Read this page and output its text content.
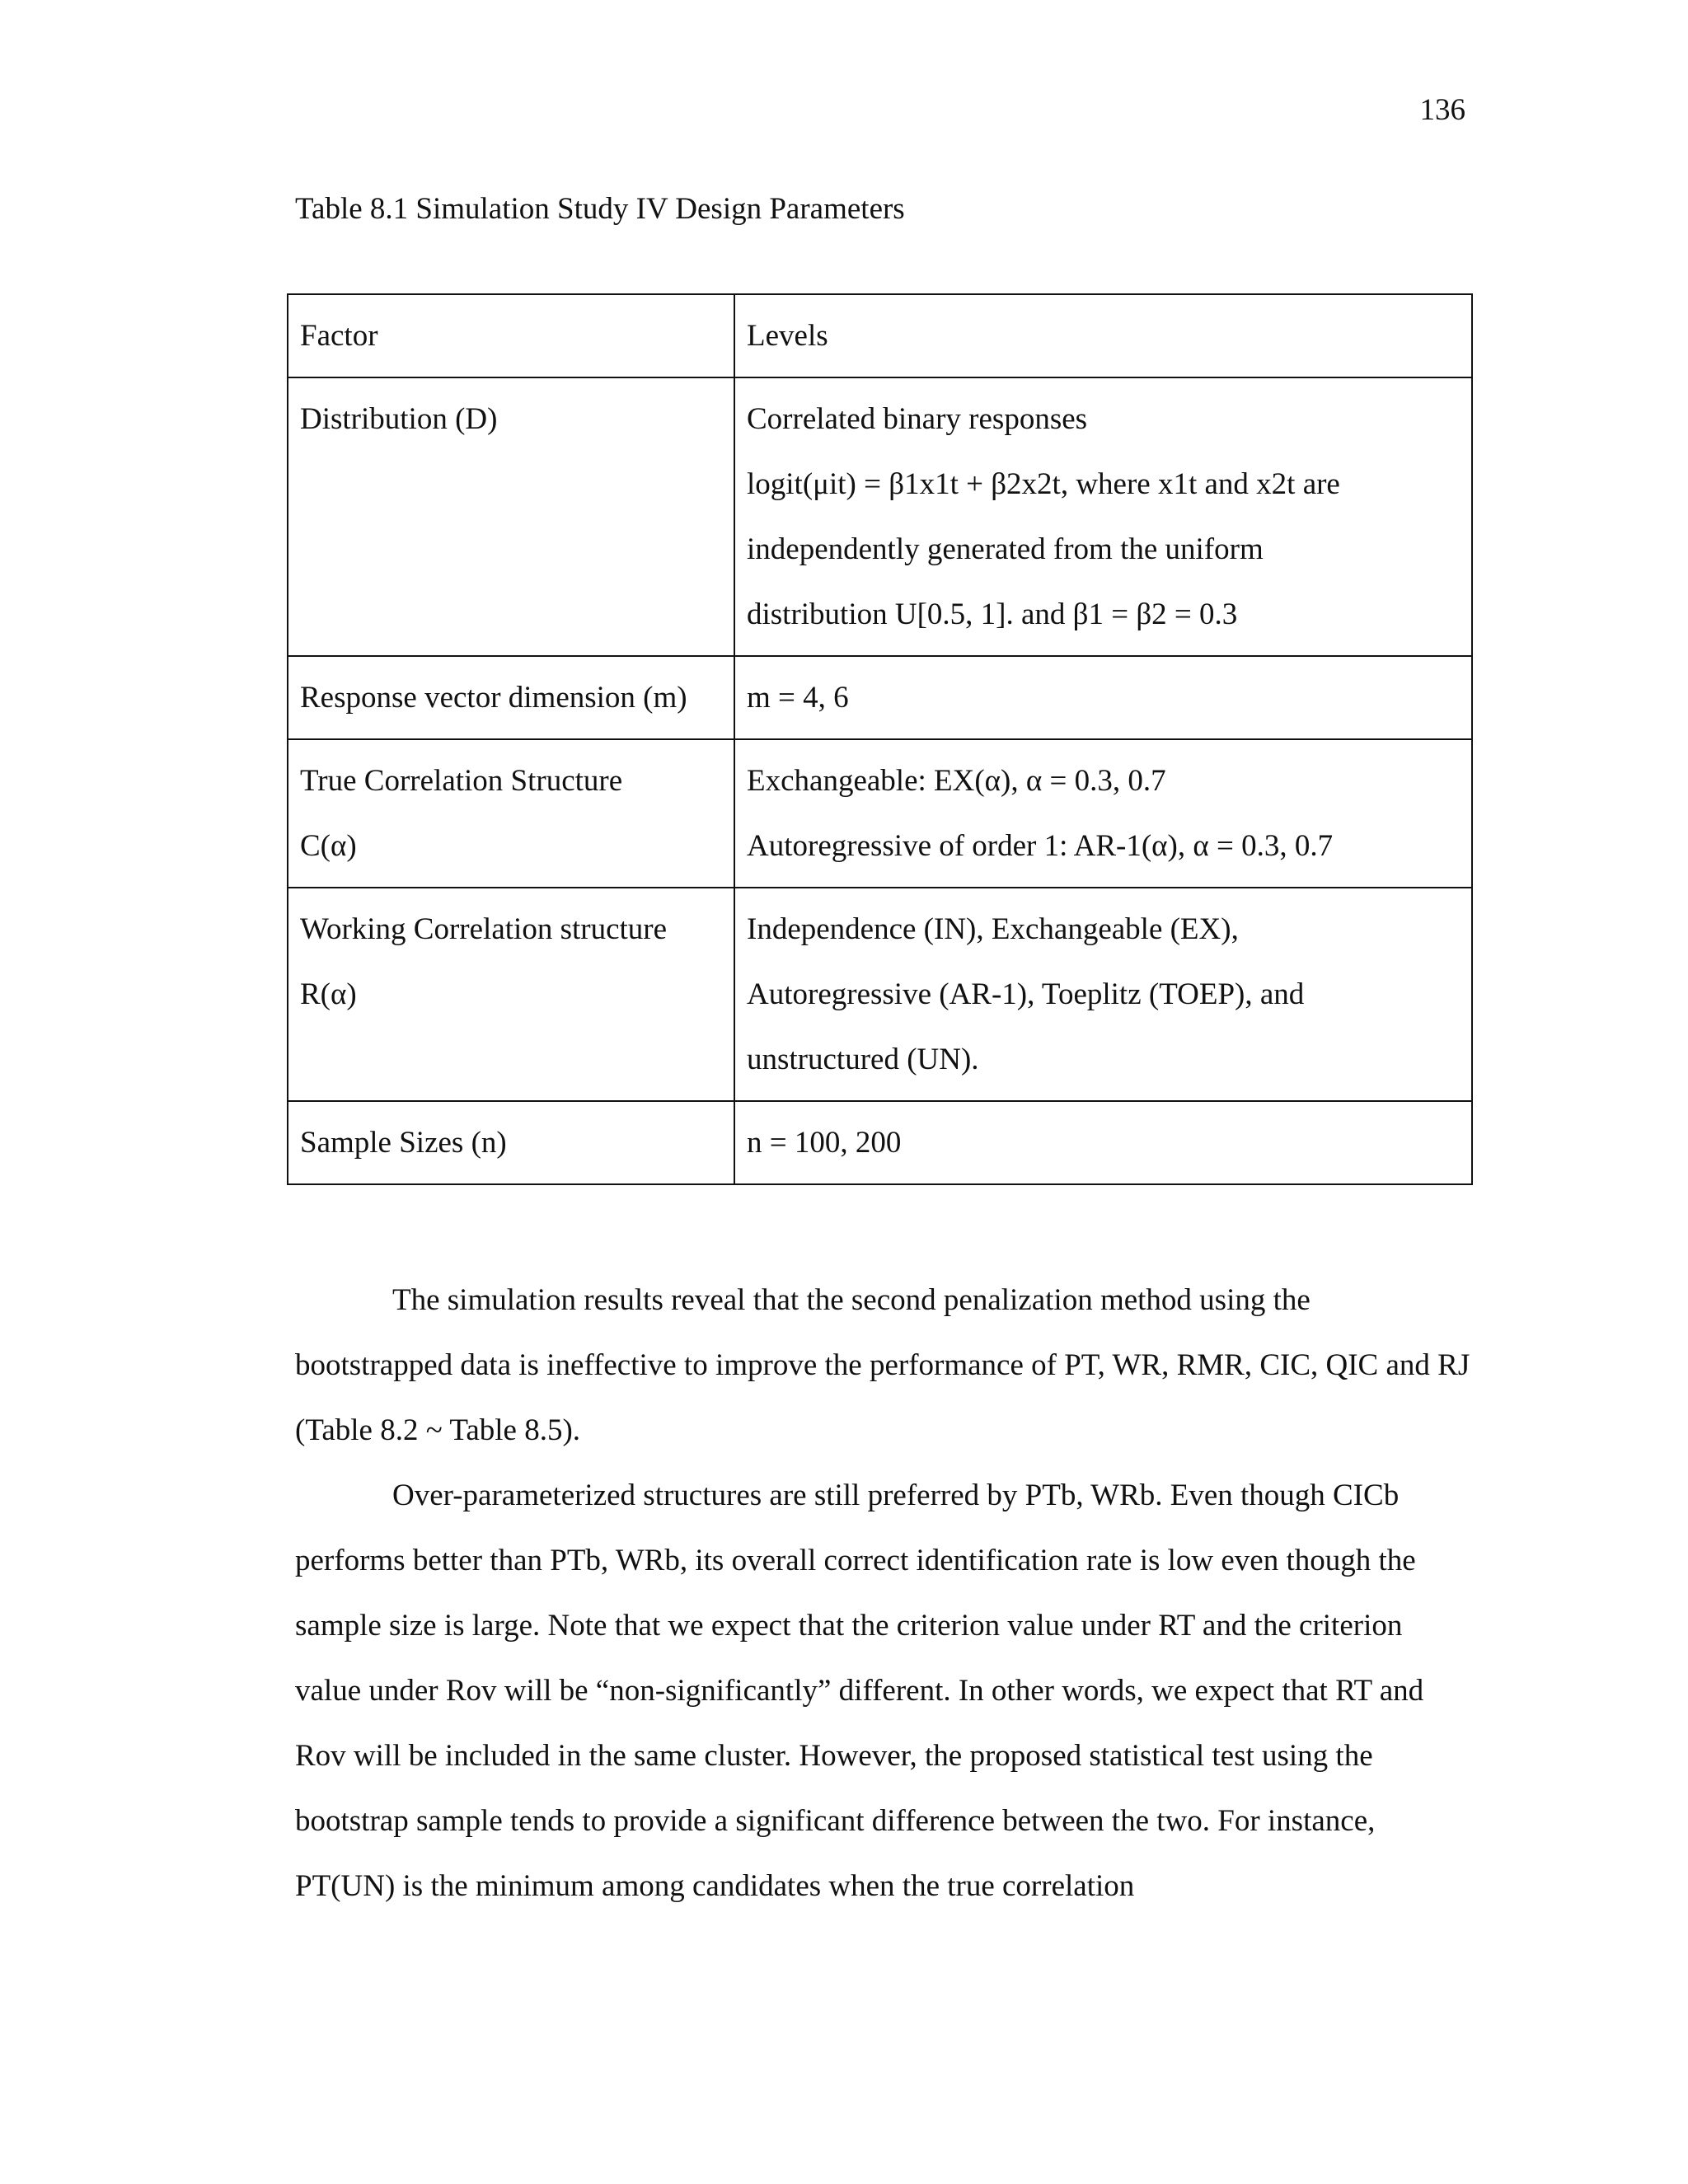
136
Table 8.1 Simulation Study IV Design Parameters
Factor	Levels

Distribution (D)	Correlated binary responses
logit(μit) = β1x1t + β2x2t, where x1t and x2t are
independently generated from the uniform
distribution U[0.5, 1]. and β1 = β2 = 0.3

Response vector dimension (m)	m = 4, 6

True Correlation Structure
C(α)	Exchangeable: EX(α), α = 0.3, 0.7
Autoregressive of order 1: AR-1(α), α = 0.3, 0.7

Working Correlation structure
R(α)	Independence (IN), Exchangeable (EX),
Autoregressive (AR-1), Toeplitz (TOEP), and
unstructured (UN).

Sample Sizes (n)	n = 100, 200

The simulation results reveal that the second penalization method using the bootstrapped data is ineffective to improve the performance of PT, WR, RMR, CIC, QIC and RJ (Table 8.2 ~ Table 8.5).

Over-parameterized structures are still preferred by PTb, WRb. Even though CICb performs better than PTb, WRb, its overall correct identification rate is low even though the sample size is large. Note that we expect that the criterion value under RT and the criterion value under Rov will be “non-significantly” different. In other words, we expect that RT and Rov will be included in the same cluster. However, the proposed statistical test using the bootstrap sample tends to provide a significant difference between the two. For instance, PT(UN) is the minimum among candidates when the true correlation
